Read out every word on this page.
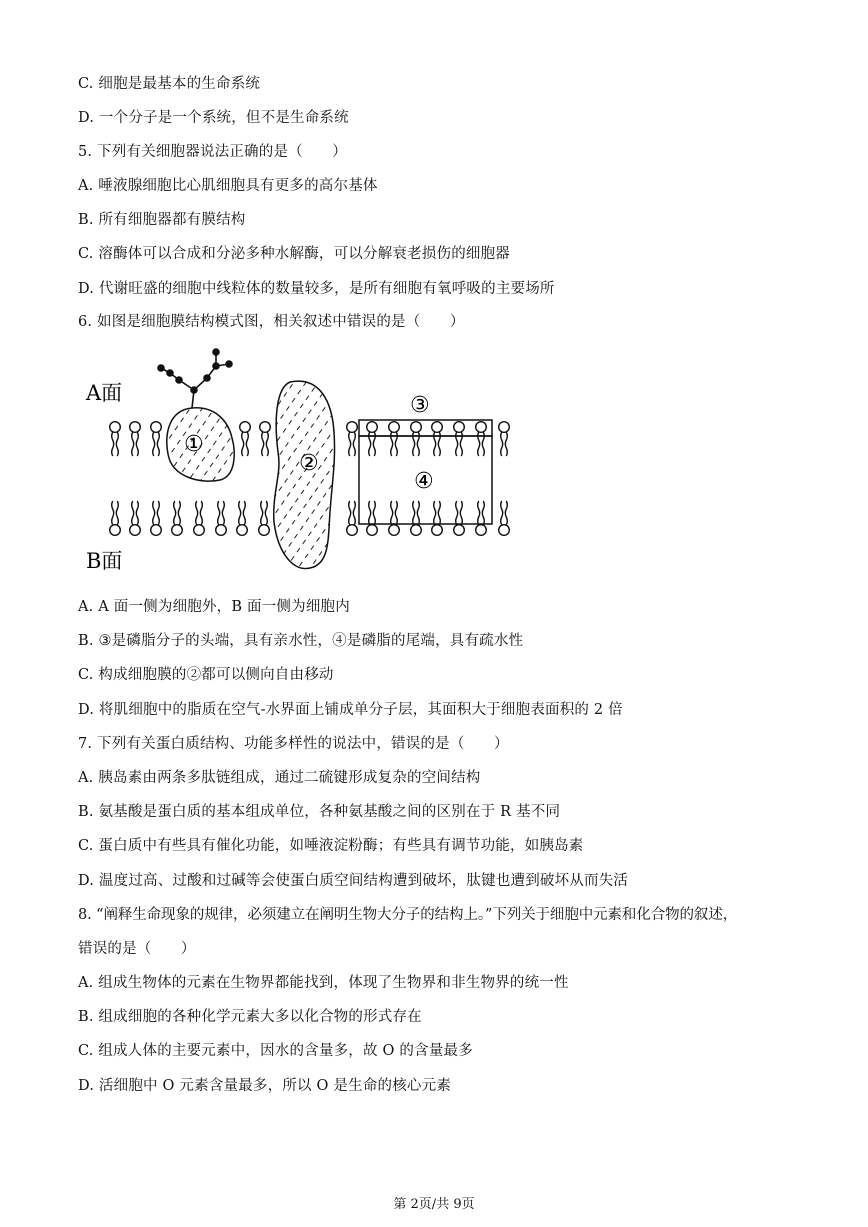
C. 细胞是最基本的生命系统
D. 一个分子是一个系统，但不是生命系统
5. 下列有关细胞器说法正确的是（　　）
A. 唾液腺细胞比心肌细胞具有更多的高尔基体
B. 所有细胞器都有膜结构
C. 溶酶体可以合成和分泌多种水解酶，可以分解衰老损伤的细胞器
D. 代谢旺盛的细胞中线粒体的数量较多，是所有细胞有氧呼吸的主要场所
6. 如图是细胞膜结构模式图，相关叙述中错误的是（　　）
A面
B面
①
②
③
④
A. A 面一侧为细胞外，B 面一侧为细胞内
B. ③是磷脂分子的头端，具有亲水性，④是磷脂的尾端，具有疏水性
C. 构成细胞膜的②都可以侧向自由移动
D. 将肌细胞中的脂质在空气-水界面上铺成单分子层，其面积大于细胞表面积的 2 倍
7. 下列有关蛋白质结构、功能多样性的说法中，错误的是（　　）
A. 胰岛素由两条多肽链组成，通过二硫键形成复杂的空间结构
B. 氨基酸是蛋白质的基本组成单位，各种氨基酸之间的区别在于 R 基不同
C. 蛋白质中有些具有催化功能，如唾液淀粉酶；有些具有调节功能，如胰岛素
D. 温度过高、过酸和过碱等会使蛋白质空间结构遭到破坏，肽键也遭到破坏从而失活
8. “阐释生命现象的规律，必须建立在阐明生物大分子的结构上。”下列关于细胞中元素和化合物的叙述，
错误的是（　　）
A. 组成生物体的元素在生物界都能找到，体现了生物界和非生物界的统一性
B. 组成细胞的各种化学元素大多以化合物的形式存在
C. 组成人体的主要元素中，因水的含量多，故 O 的含量最多
D. 活细胞中 O 元素含量最多，所以 O 是生命的核心元素
第 2页/共 9页
